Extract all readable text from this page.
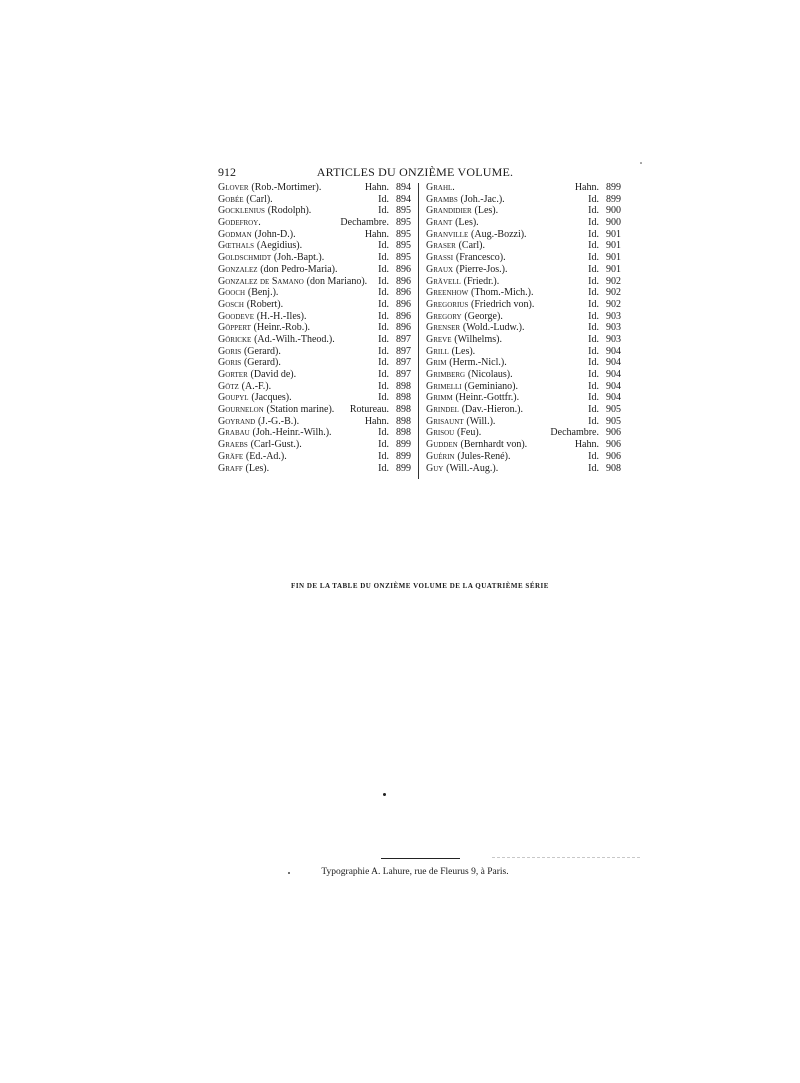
912	ARTICLES DU ONZIÈME VOLUME.
Glover (Rob.-Mortimer).	Hahn. 894
Gobée (Carl).	Id. 894
Gocklenius (Rodolph).	Id. 895
Godefroy.	Dechambre. 895
Godman (John-D.).	Hahn. 895
Gœthals (Aegidius).	Id. 895
Goldschmidt (Joh.-Bapt.).	Id. 895
Gonzalez (don Pedro-Maria).	Id. 896
Gonzalez de Samano (don Mariano).	Id. 896
Gooch (Benj.).	Id. 896
Gosch (Robert).	Id. 896
Goodeve (H.-H.-Iles).	Id. 896
Göppert (Heinr.-Rob.).	Id. 896
Göricke (Ad.-Wilh.-Theod.).	Id. 897
Goris (Gerard).	Id. 897
Goris (Gerard).	Id. 897
Gorter (David de).	Id. 897
Götz (A.-F.).	Id. 898
Goupyl (Jacques).	Id. 898
Gournelon (Station marine).	Rotureau. 898
Goyrand (J.-G.-B.).	Hahn. 898
Grabau (Joh.-Heinr.-Wilh.).	Id. 898
Graebs (Carl-Gust.).	Id. 899
Gräfe (Ed.-Ad.).	Id. 899
Graff (Les).	Id. 899
Grahl.	Hahn. 899
Grambs (Joh.-Jac.).	Id. 899
Grandidier (Les).	Id. 900
Grant (Les).	Id. 900
Granville (Aug.-Bozzi).	Id. 901
Graser (Carl).	Id. 901
Grassi (Francesco).	Id. 901
Graux (Pierre-Jos.).	Id. 901
Grävell (Friedr.).	Id. 902
Greenhow (Thom.-Mich.).	Id. 902
Gregorius (Friedrich von).	Id. 902
Gregory (George).	Id. 903
Grenser (Wold.-Ludw.).	Id. 903
Greve (Wilhelms).	Id. 903
Grill (Les).	Id. 904
Grim (Herm.-Nicl.).	Id. 904
Grimberg (Nicolaus).	Id. 904
Grimelli (Geminiano).	Id. 904
Grimm (Heinr.-Gottfr.).	Id. 904
Grindel (Dav.-Hieron.).	Id. 905
Grisaunt (Will.).	Id. 905
Grisou (Feu).	Dechambre. 906
Gudden (Bernhardt von).	Hahn. 906
Guérin (Jules-René).	Id. 906
Guy (Will.-Aug.).	Id. 908
FIN DE LA TABLE DU ONZIÈME VOLUME DE LA QUATRIÈME SÉRIE
Typographie A. Lahure, rue de Fleurus 9, à Paris.
